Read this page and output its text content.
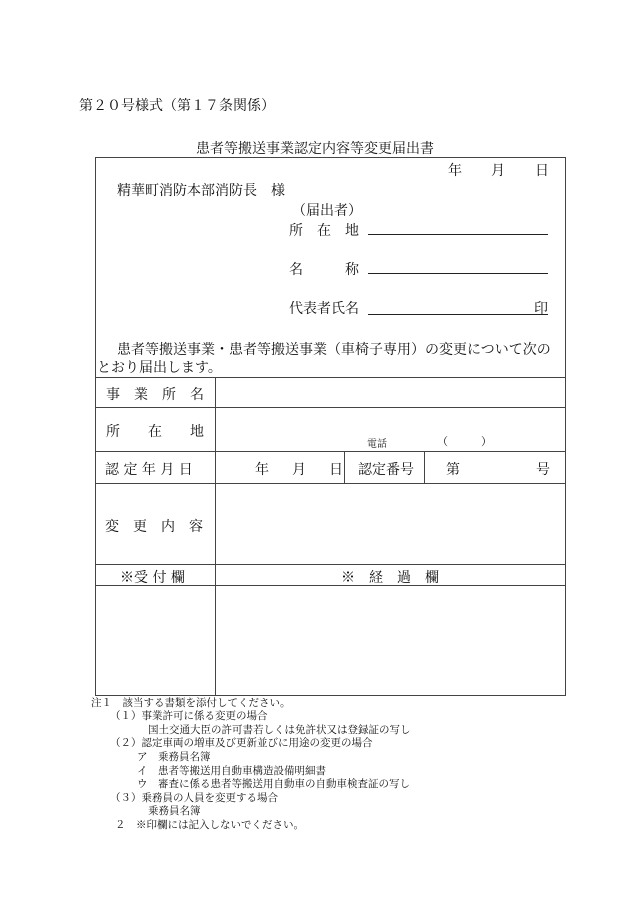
第２０号様式（第１７条関係）
患者等搬送事業認定内容等変更届出書
年 月 日
精華町消防本部消防長　様
（届出者）
所　在　地
名　　　称
代表者氏名	印
患者等搬送事業・患者等搬送事業（車椅子専用）の変更について次の
とおり届出します。
事　業　所　名
所　　在　　地
電話	（　　　）
認 定 年 月 日	年 月 日 認定番号 第	号
変　更　内　容
※受 付 欄	※　経　過　欄
注１　該当する書類を添付してください。
（１）事業許可に係る変更の場合
国土交通大臣の許可書若しくは免許状又は登録証の写し
（２）認定車両の増車及び更新並びに用途の変更の場合
ア　乗務員名簿
イ　患者等搬送用自動車構造設備明細書
ウ　審査に係る患者等搬送用自動車の自動車検査証の写し
（３）乗務員の人員を変更する場合
乗務員名簿
２　※印欄には記入しないでください。
